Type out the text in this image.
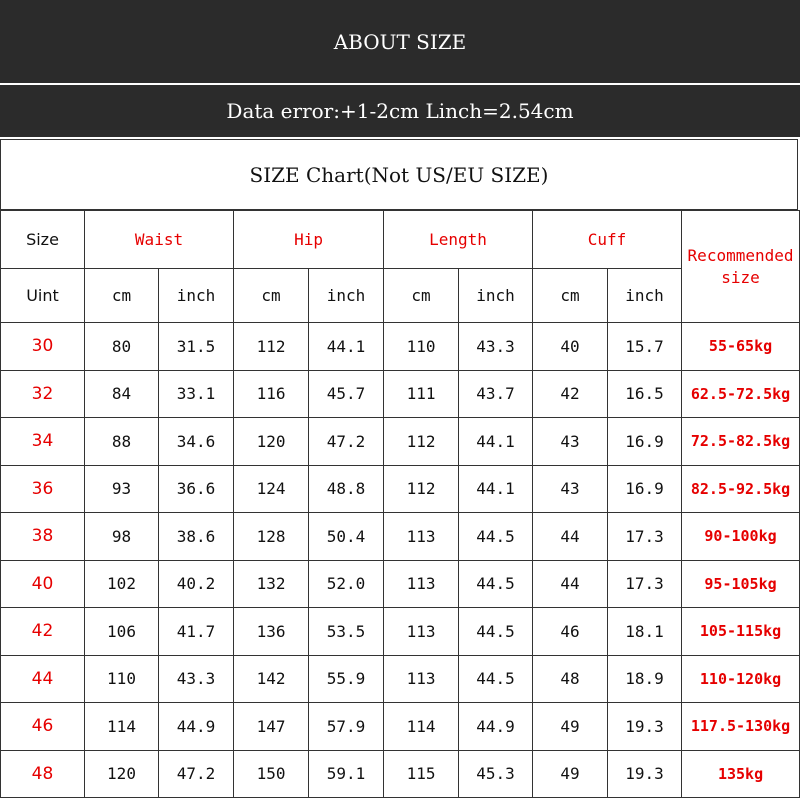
ABOUT SIZE
Data error:+1-2cm Linch=2.54cm
SIZE Chart(Not US/EU SIZE)
Size	Waist		Hip		Length		Cuff		Recommended size
Uint	cm	inch	cm	inch	cm	inch	cm	inch	
30	80	31.5	112	44.1	110	43.3	40	15.7	55-65kg
32	84	33.1	116	45.7	111	43.7	42	16.5	62.5-72.5kg
34	88	34.6	120	47.2	112	44.1	43	16.9	72.5-82.5kg
36	93	36.6	124	48.8	112	44.1	43	16.9	82.5-92.5kg
38	98	38.6	128	50.4	113	44.5	44	17.3	90-100kg
40	102	40.2	132	52.0	113	44.5	44	17.3	95-105kg
42	106	41.7	136	53.5	113	44.5	46	18.1	105-115kg
44	110	43.3	142	55.9	113	44.5	48	18.9	110-120kg
46	114	44.9	147	57.9	114	44.9	49	19.3	117.5-130kg
48	120	47.2	150	59.1	115	45.3	49	19.3	135kg
